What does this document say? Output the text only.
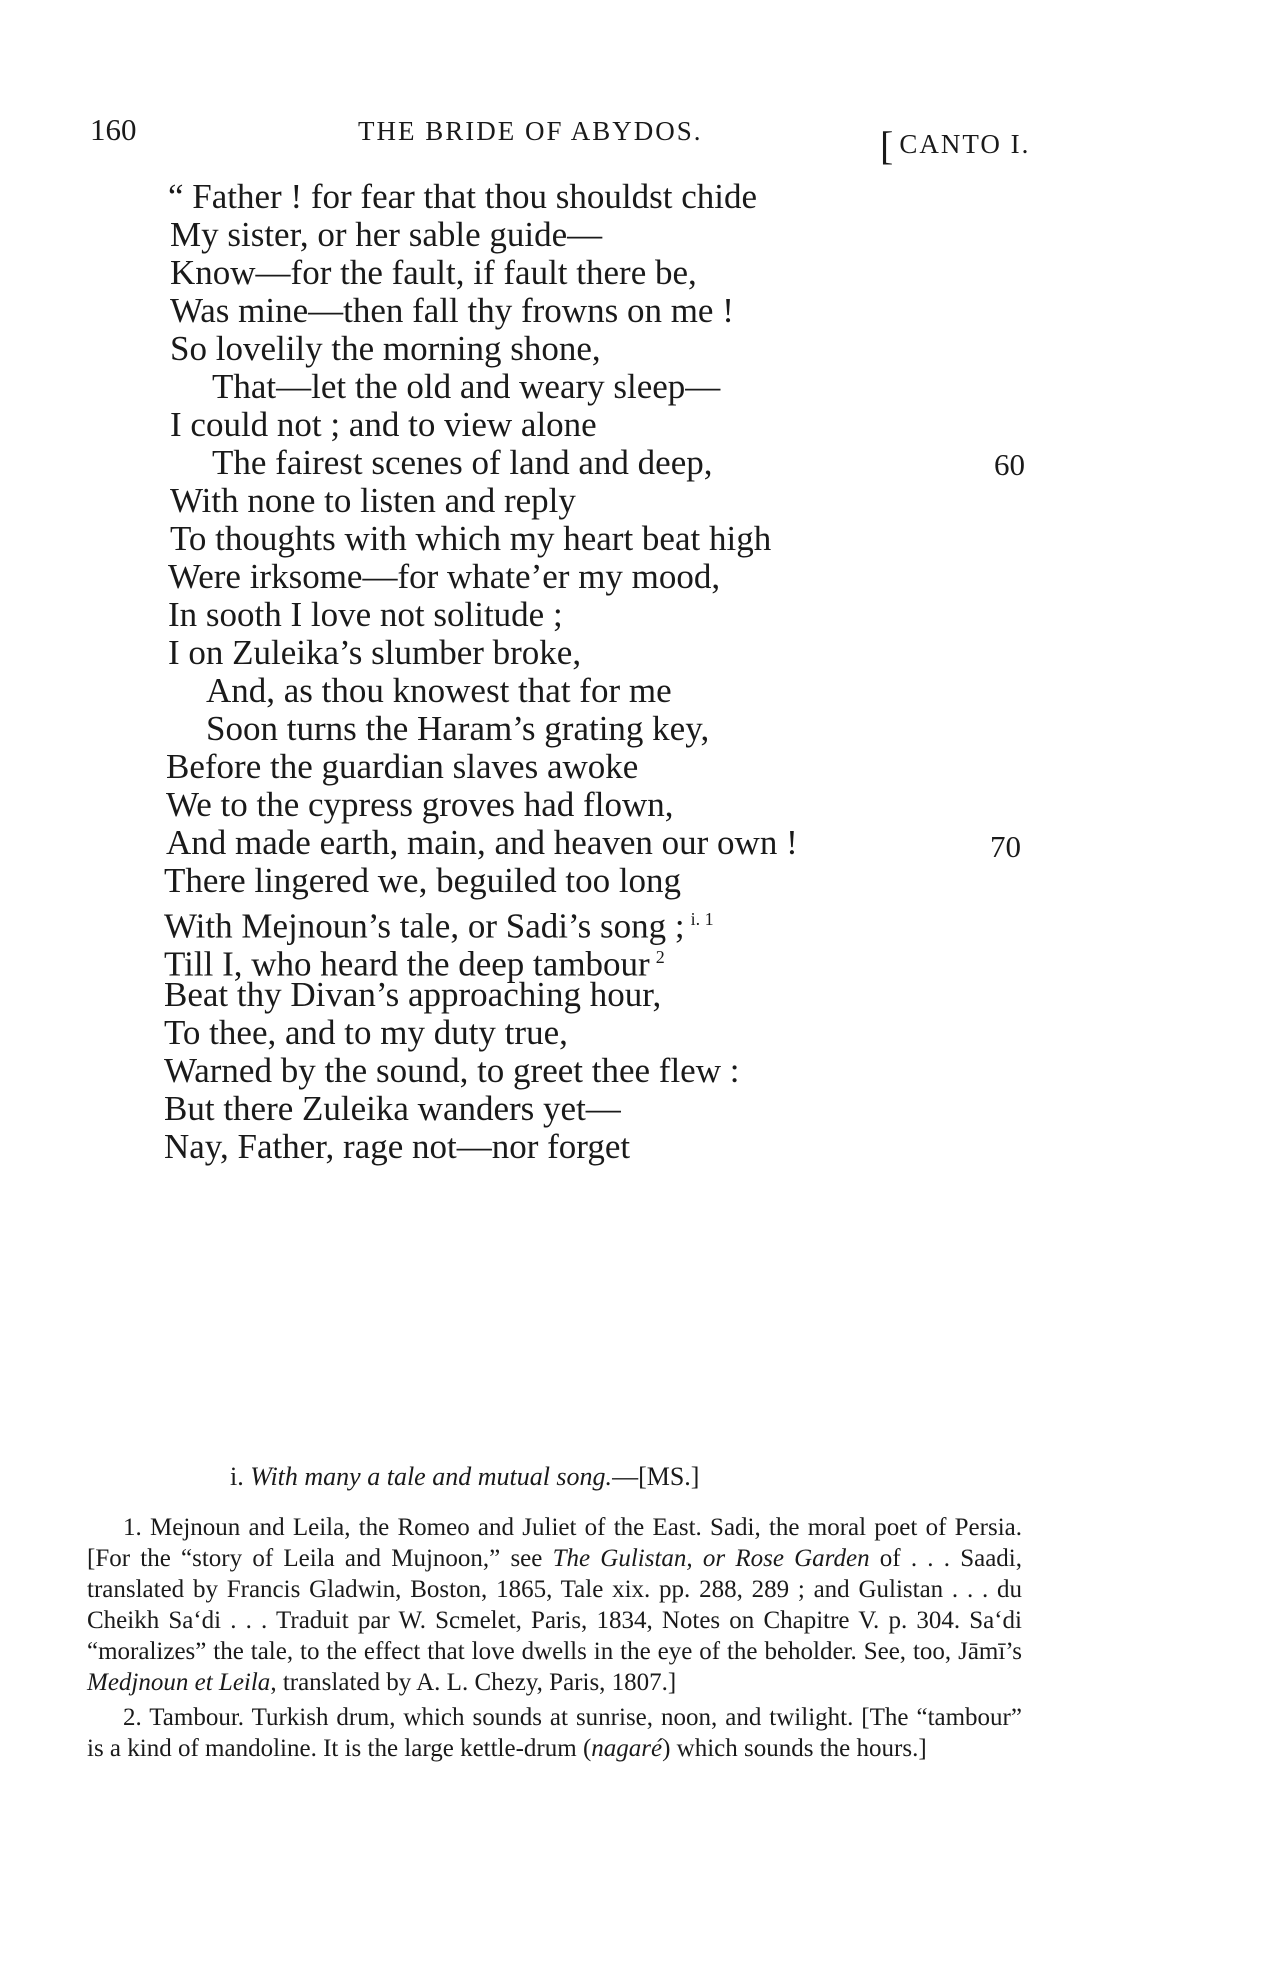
160	THE BRIDE OF ABYDOS.	[ CANTO I.
“ Father ! for fear that thou shouldst chide
My sister, or her sable guide—
Know—for the fault, if fault there be,
Was mine—then fall thy frowns on me !
So lovelily the morning shone,
That—let the old and weary sleep—
I could not ; and to view alone
The fairest scenes of land and deep,	60
With none to listen and reply
To thoughts with which my heart beat high
Were irksome—for whate’er my mood,
In sooth I love not solitude ;
I on Zuleika’s slumber broke,
And, as thou knowest that for me
Soon turns the Haram’s grating key,
Before the guardian slaves awoke
We to the cypress groves had flown,
And made earth, main, and heaven our own !	70
There lingered we, beguiled too long
With Mejnoun’s tale, or Sadi’s song ; $^{i. 1}$
Till I, who heard the deep tambour $^2$
Beat thy Divan’s approaching hour,
To thee, and to my duty true,
Warned by the sound, to greet thee flew :
But there Zuleika wanders yet—
Nay, Father, rage not—nor forget
i. With many a tale and mutual song.—[MS.]

1. Mejnoun and Leila, the Romeo and Juliet of the East. Sadi, the moral poet of Persia. [For the “story of Leila and Mujnoon,” see The Gulistan, or Rose Garden of . . . Saadi, translated by Francis Gladwin, Boston, 1865, Tale xix. pp. 288, 289 ; and Gulistan . . . du Cheikh Sa‘di . . . Traduit par W. Scmelet, Paris, 1834, Notes on Chapitre V. p. 304. Sa‘di “moralizes” the tale, to the effect that love dwells in the eye of the beholder. See, too, Jāmī’s Medjnoun et Leila, translated by A. L. Chezy, Paris, 1807.]

2. Tambour. Turkish drum, which sounds at sunrise, noon, and twilight. [The “tambour” is a kind of mandoline. It is the large kettle-drum (nagaré) which sounds the hours.]
